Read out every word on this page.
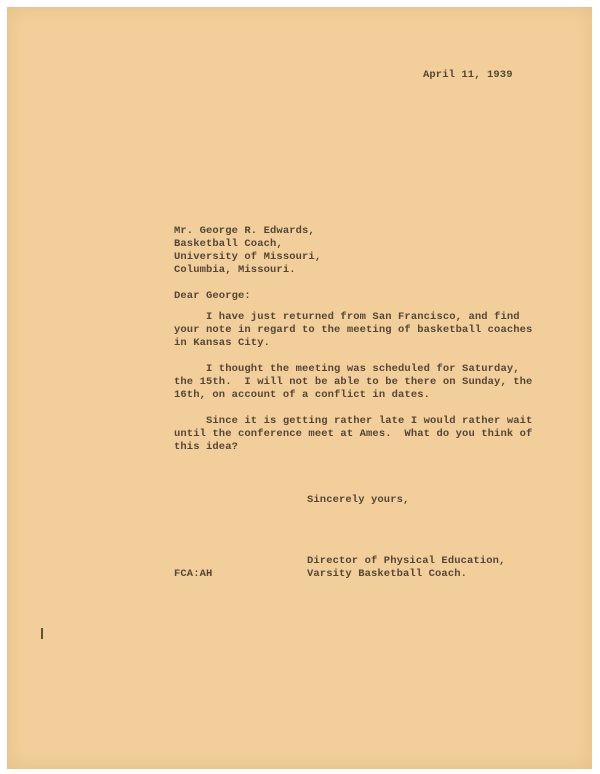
April 11, 1939
Mr. George R. Edwards,
Basketball Coach,
University of Missouri,
Columbia, Missouri.
Dear George:
I have just returned from San Francisco, and find
your note in regard to the meeting of basketball coaches
in Kansas City.
I thought the meeting was scheduled for Saturday,
the 15th.  I will not be able to be there on Sunday, the
16th, on account of a conflict in dates.
Since it is getting rather late I would rather wait
until the conference meet at Ames.  What do you think of
this idea?
Sincerely yours,
Director of Physical Education,
Varsity Basketball Coach.
FCA:AH
